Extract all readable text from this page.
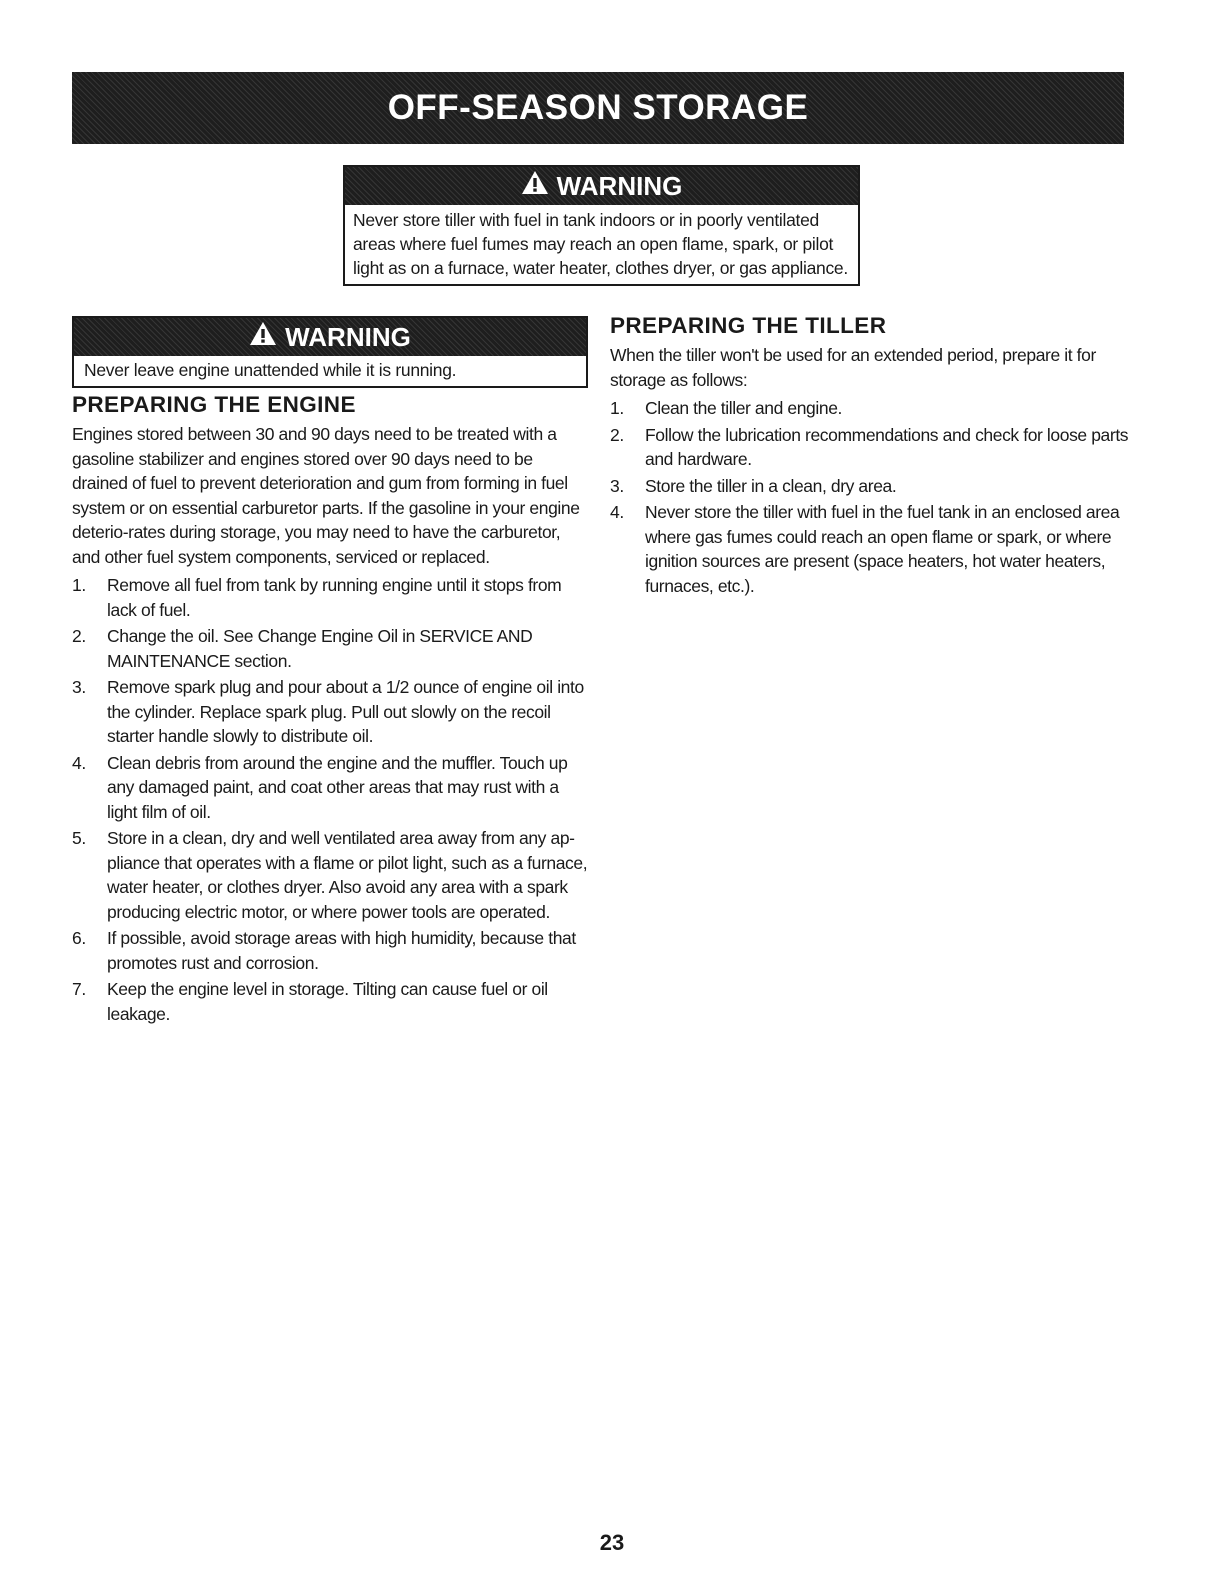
OFF-SEASON STORAGE
WARNING
Never store tiller with fuel in tank indoors or in poorly ventilated areas where fuel fumes may reach an open flame, spark, or pilot light as on a furnace, water heater, clothes dryer, or gas appliance.
WARNING
Never leave engine unattended while it is running.
PREPARING THE ENGINE

Engines stored between 30 and 90 days need to be treated with a gasoline stabilizer and engines stored over 90 days need to be drained of fuel to prevent deterioration and gum from forming in fuel system or on essential carburetor parts. If the gasoline in your engine deterio-rates during storage, you may need to have the carburetor, and other fuel system components, serviced or replaced.

1.	Remove all fuel from tank by running engine until it stops from lack of fuel.
2.	Change the oil. See Change Engine Oil in SERVICE AND MAINTENANCE section.
3.	Remove spark plug and pour about a 1/2 ounce of engine oil into the cylinder. Replace spark plug. Pull out slowly on the recoil starter handle slowly to distribute oil.
4.	Clean debris from around the engine and the muffler. Touch up any damaged paint, and coat other areas that may rust with a light film of oil.
5.	Store in a clean, dry and well ventilated area away from any ap-pliance that operates with a flame or pilot light, such as a furnace, water heater, or clothes dryer. Also avoid any area with a spark producing electric motor, or where power tools are operated.
6.	If possible, avoid storage areas with high humidity, because that promotes rust and corrosion.
7.	Keep the engine level in storage. Tilting can cause fuel or oil leakage.
PREPARING THE TILLER

When the tiller won't be used for an extended period, prepare it for storage as follows:

1.	Clean the tiller and engine.
2.	Follow the lubrication recommendations and check for loose parts and hardware.
3.	Store the tiller in a clean, dry area.
4.	Never store the tiller with fuel in the fuel tank in an enclosed area where gas fumes could reach an open flame or spark, or where ignition sources are present (space heaters, hot water heaters, furnaces, etc.).
23
